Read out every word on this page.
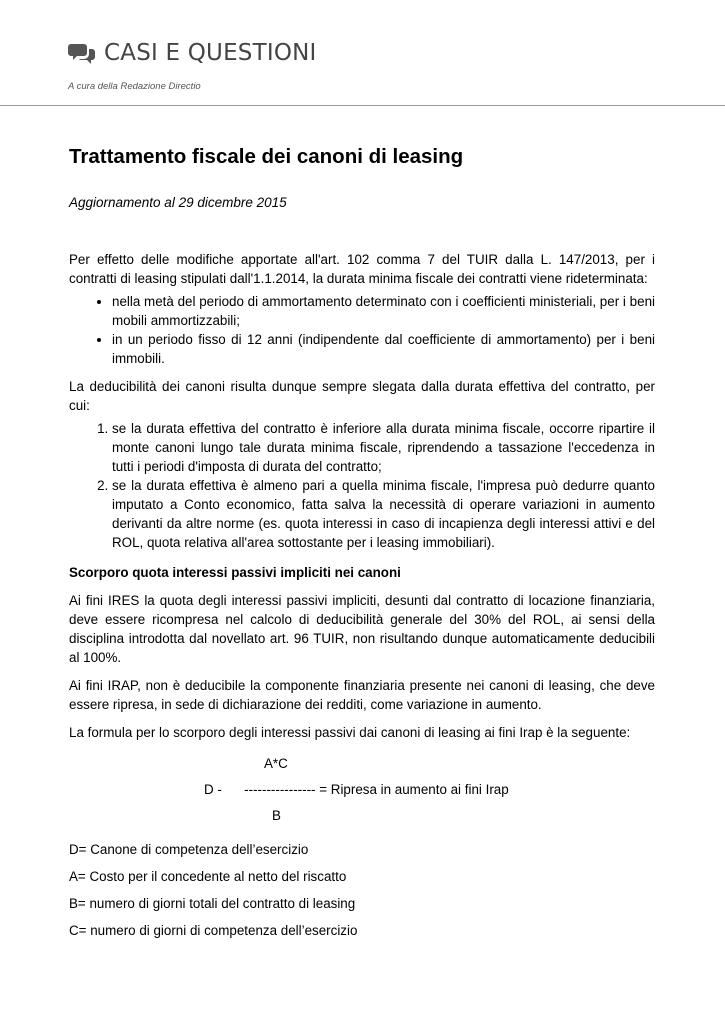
CASI E QUESTIONI
A cura della Redazione Directio
Trattamento fiscale dei canoni di leasing
Aggiornamento al 29 dicembre 2015

Per effetto delle modifiche apportate all'art. 102 comma 7 del TUIR dalla L. 147/2013, per i contratti di leasing stipulati dall'1.1.2014, la durata minima fiscale dei contratti viene rideterminata:

• nella metà del periodo di ammortamento determinato con i coefficienti ministeriali, per i beni mobili ammortizzabili;
• in un periodo fisso di 12 anni (indipendente dal coefficiente di ammortamento) per i beni immobili.

La deducibilità dei canoni risulta dunque sempre slegata dalla durata effettiva del contratto, per cui:

1. se la durata effettiva del contratto è inferiore alla durata minima fiscale, occorre ripartire il monte canoni lungo tale durata minima fiscale, riprendendo a tassazione l'eccedenza in tutti i periodi d'imposta di durata del contratto;
2. se la durata effettiva è almeno pari a quella minima fiscale, l'impresa può dedurre quanto imputato a Conto economico, fatta salva la necessità di operare variazioni in aumento derivanti da altre norme (es. quota interessi in caso di incapienza degli interessi attivi e del ROL, quota relativa all'area sottostante per i leasing immobiliari).

Scorporo quota interessi passivi impliciti nei canoni

Ai fini IRES la quota degli interessi passivi impliciti, desunti dal contratto di locazione finanziaria, deve essere ricompresa nel calcolo di deducibilità generale del 30% del ROL, ai sensi della disciplina introdotta dal novellato art. 96 TUIR, non risultando dunque automaticamente deducibili al 100%.

Ai fini IRAP, non è deducibile la componente finanziaria presente nei canoni di leasing, che deve essere ripresa, in sede di dichiarazione dei redditi, come variazione in aumento.

La formula per lo scorporo degli interessi passivi dai canoni di leasing ai fini Irap è la seguente:

A*C
D -      ---------------- = Ripresa in aumento ai fini Irap
B

D= Canone di competenza dell’esercizio

A= Costo per il concedente al netto del riscatto

B= numero di giorni totali del contratto di leasing

C= numero di giorni di competenza dell’esercizio
